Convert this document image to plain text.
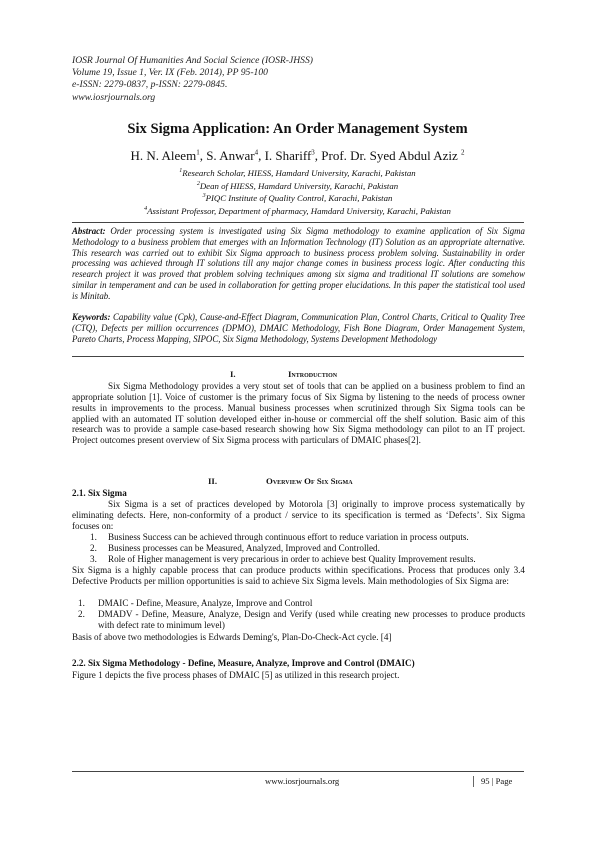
IOSR Journal Of Humanities And Social Science (IOSR-JHSS)
Volume 19, Issue 1, Ver. IX (Feb. 2014), PP 95-100
e-ISSN: 2279-0837, p-ISSN: 2279-0845.
www.iosrjournals.org
Six Sigma Application: An Order Management System
H. N. Aleem$^1$, S. Anwar$^4$, I. Shariff$^3$, Prof. Dr. Syed Abdul Aziz $^2$
$^1$Research Scholar, HIESS, Hamdard University, Karachi, Pakistan
$^2$Dean of HIESS, Hamdard University, Karachi, Pakistan
$^3$PIQC Institute of Quality Control, Karachi, Pakistan
$^4$Assistant Professor, Department of pharmacy, Hamdard University, Karachi, Pakistan
Abstract: Order processing system is investigated using Six Sigma methodology to examine application of Six Sigma Methodology to a business problem that emerges with an Information Technology (IT) Solution as an appropriate alternative. This research was carried out to exhibit Six Sigma approach to business process problem solving. Sustainability in order processing was achieved through IT solutions till any major change comes in business process logic. After conducting this research project it was proved that problem solving techniques among six sigma and traditional IT solutions are somehow similar in temperament and can be used in collaboration for getting proper elucidations. In this paper the statistical tool used is Minitab.
Keywords: Capability value (Cpk), Cause-and-Effect Diagram, Communication Plan, Control Charts, Critical to Quality Tree (CTQ), Defects per million occurrences (DPMO), DMAIC Methodology, Fish Bone Diagram, Order Management System, Pareto Charts, Process Mapping, SIPOC, Six Sigma Methodology, Systems Development Methodology
I.	Introduction
Six Sigma Methodology provides a very stout set of tools that can be applied on a business problem to find an appropriate solution [1]. Voice of customer is the primary focus of Six Sigma by listening to the needs of process owner results in improvements to the process. Manual business processes when scrutinized through Six Sigma tools can be applied with an automated IT solution developed either in-house or commercial off the shelf solution. Basic aim of this research was to provide a sample case-based research showing how Six Sigma methodology can pilot to an IT project. Project outcomes present overview of Six Sigma process with particulars of DMAIC phases[2].
II.	Overview Of Six Sigma
2.1. Six Sigma
Six Sigma is a set of practices developed by Motorola [3] originally to improve process systematically by eliminating defects. Here, non-conformity of a product / service to its specification is termed as ‘Defects’. Six Sigma focuses on:
1. Business Success can be achieved through continuous effort to reduce variation in process outputs.
2. Business processes can be Measured, Analyzed, Improved and Controlled.
3. Role of Higher management is very precarious in order to achieve best Quality Improvement results.
Six Sigma is a highly capable process that can produce products within specifications. Process that produces only 3.4 Defective Products per million opportunities is said to achieve Six Sigma levels. Main methodologies of Six Sigma are:
1. DMAIC - Define, Measure, Analyze, Improve and Control
2. DMADV - Define, Measure, Analyze, Design and Verify (used while creating new processes to produce products with defect rate to minimum level)
Basis of above two methodologies is Edwards Deming's, Plan-Do-Check-Act cycle. [4]
2.2. Six Sigma Methodology - Define, Measure, Analyze, Improve and Control (DMAIC)
Figure 1 depicts the five process phases of DMAIC [5] as utilized in this research project.
www.iosrjournals.org	95 | Page
